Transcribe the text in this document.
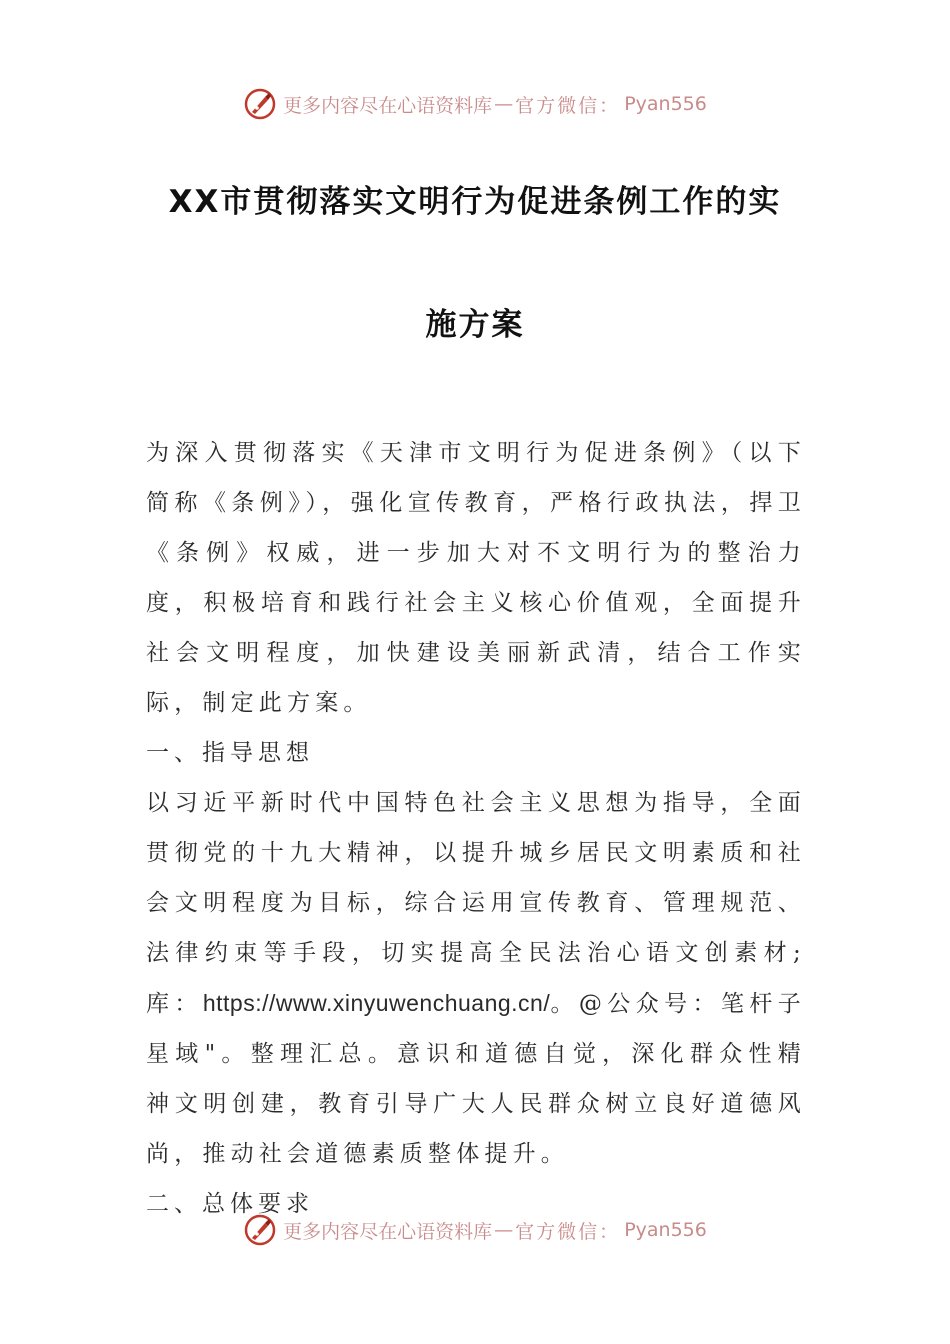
更多内容尽在心语资料库 — 官方微信： Pyan556
XX市贯彻落实文明行为促进条例工作的实
施方案

为深入贯彻落实《天津市文明行为促进条例》（以下简称《条例》），强化宣传教育，严格行政执法，捍卫《条例》权威，进一步加大对不文明行为的整治力度，积极培育和践行社会主义核心价值观，全面提升社会文明程度，加快建设美丽新武清，结合工作实际，制定此方案。

一、指导思想

以习近平新时代中国特色社会主义思想为指导，全面贯彻党的十九大精神，以提升城乡居民文明素质和社会文明程度为目标，综合运用宣传教育、管理规范、法律约束等手段，切实提高全民法治心语文创素材;库：https://www.xinyuwenchuang.cn/。@公众号：笔杆子星域"。整理汇总。意识和道德自觉，深化群众性精神文明创建，教育引导广大人民群众树立良好道德风尚，推动社会道德素质整体提升。

二、总体要求

更多内容尽在心语资料库 — 官方微信： Pyan556
